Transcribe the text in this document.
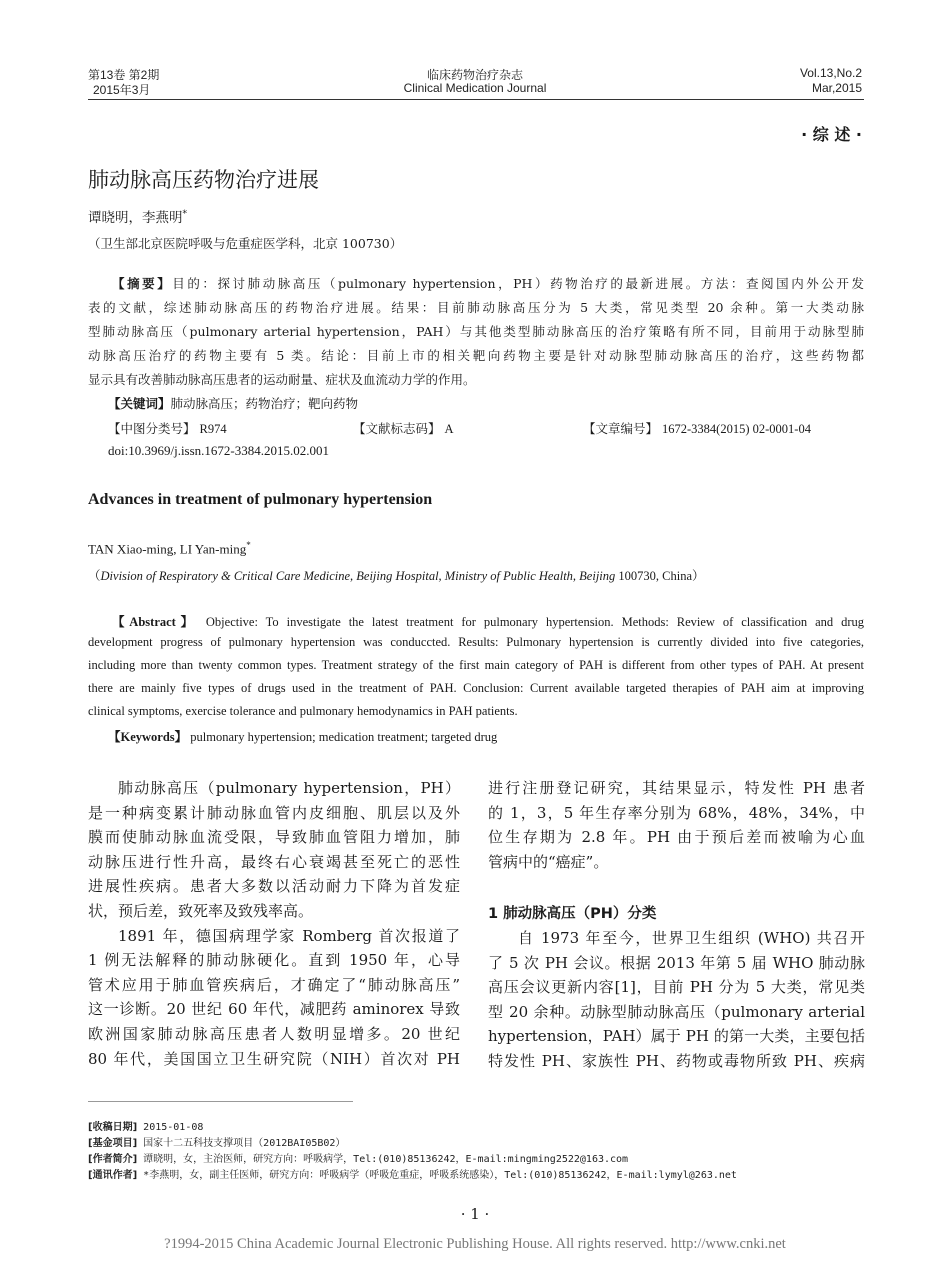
第13卷 第2期
2015年3月
临床药物治疗杂志
Clinical Medication Journal
Vol.13,No.2
Mar,2015
· 综 述 ·
肺动脉高压药物治疗进展
谭晓明，李燕明*
（卫生部北京医院呼吸与危重症医学科，北京 100730）
【摘要】目的：探讨肺动脉高压（pulmonary hypertension，PH）药物治疗的最新进展。方法：查阅国内外公开发
表的文献，综述肺动脉高压的药物治疗进展。结果：目前肺动脉高压分为 5 大类，常见类型 20 余种。第一大类动脉
型肺动脉高压（pulmonary arterial hypertension，PAH）与其他类型肺动脉高压的治疗策略有所不同，目前用于动脉型肺
动脉高压治疗的药物主要有 5 类。结论：目前上市的相关靶向药物主要是针对动脉型肺动脉高压的治疗，这些药物都
显示具有改善肺动脉高压患者的运动耐量、症状及血流动力学的作用。
【关键词】肺动脉高压；药物治疗；靶向药物
【中图分类号】 R974	【文献标志码】 A	【文章编号】 1672-3384(2015) 02-0001-04
doi:10.3969/j.issn.1672-3384.2015.02.001
Advances in treatment of pulmonary hypertension
TAN Xiao-ming, LI Yan-ming*
（Division of Respiratory & Critical Care Medicine, Beijing Hospital, Ministry of Public Health, Beijing 100730, China）
【Abstract】 Objective: To investigate the latest treatment for pulmonary hypertension. Methods: Review of classification and drug
development progress of pulmonary hypertension was conduccted. Results: Pulmonary hypertension is currently divided into five categories,
including more than twenty common types. Treatment strategy of the first main category of PAH is different from other types of PAH. At present
there are mainly five types of drugs used in the treatment of PAH. Conclusion: Current available targeted therapies of PAH aim at improving
clinical symptoms, exercise tolerance and pulmonary hemodynamics in PAH patients.
【Keywords】 pulmonary hypertension; medication treatment; targeted drug
肺动脉高压（pulmonary hypertension，PH）
是一种病变累计肺动脉血管内皮细胞、肌层以及外
膜而使肺动脉血流受限，导致肺血管阻力增加，肺
动脉压进行性升高，最终右心衰竭甚至死亡的恶性
进展性疾病。患者大多数以活动耐力下降为首发症
状，预后差，致死率及致残率高。
1891 年，德国病理学家 Romberg 首次报道了
1 例无法解释的肺动脉硬化。直到 1950 年，心导
管术应用于肺血管疾病后，才确定了“肺动脉高压”
这一诊断。20 世纪 60 年代，减肥药 aminorex 导致
欧洲国家肺动脉高压患者人数明显增多。20 世纪
80 年代，美国国立卫生研究院（NIH）首次对 PH
进行注册登记研究，其结果显示，特发性 PH 患者
的 1，3，5 年生存率分别为 68%，48%，34%，中
位生存期为 2.8 年。PH 由于预后差而被喻为心血
管病中的“癌症”。
1 肺动脉高压（PH）分类
自 1973 年至今，世界卫生组织 (WHO) 共召开
了 5 次 PH 会议。根据 2013 年第 5 届 WHO 肺动脉
高压会议更新内容[1]，目前 PH 分为 5 大类，常见类
型 20 余种。动脉型肺动脉高压（pulmonary arterial
hypertension，PAH）属于 PH 的第一大类，主要包括
特发性 PH、家族性 PH、药物或毒物所致 PH、疾病
[收稿日期] 2015-01-08
[基金项目] 国家十二五科技支撑项目（2012BAI05B02）
[作者简介] 谭晓明，女，主治医师，研究方向：呼吸病学，Tel:(010)85136242，E-mail:mingming2522@163.com
[通讯作者] *李燕明，女，副主任医师，研究方向：呼吸病学（呼吸危重症，呼吸系统感染），Tel:(010)85136242，E-mail:lymyl@263.net
· 1 ·
?1994-2015 China Academic Journal Electronic Publishing House. All rights reserved. http://www.cnki.net
